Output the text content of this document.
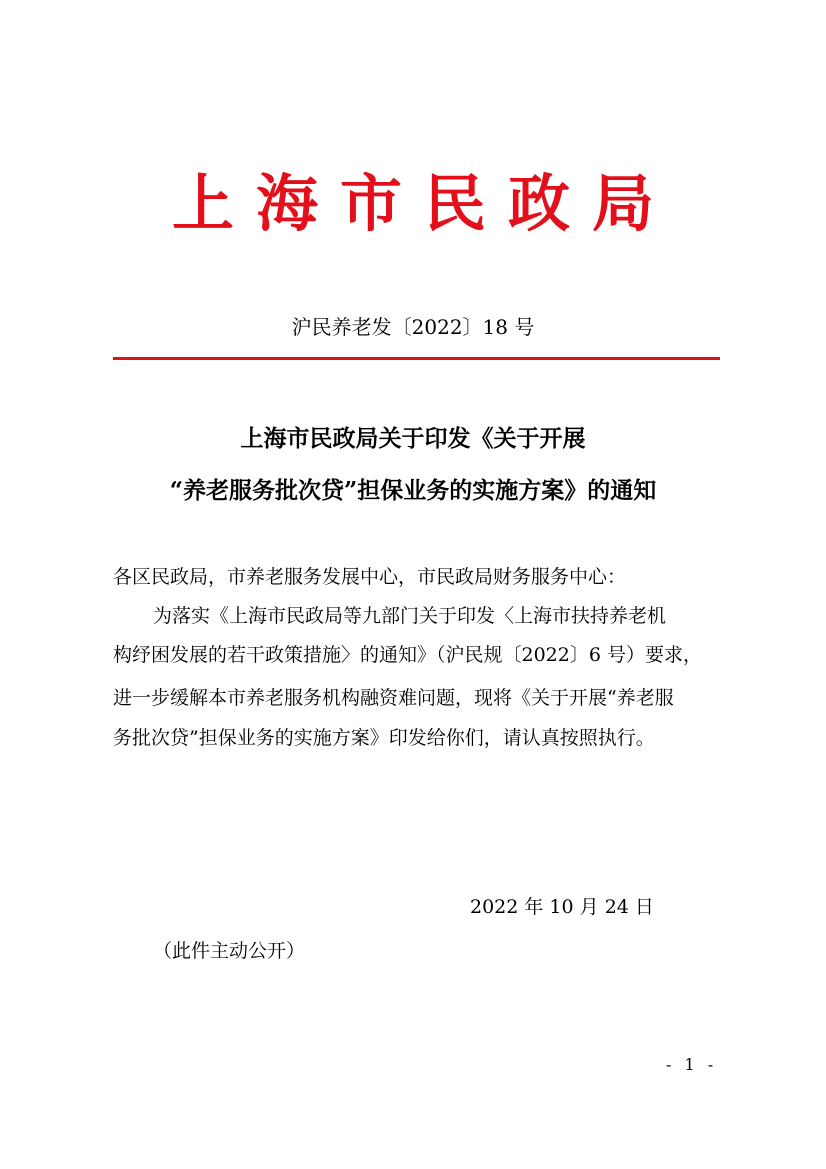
上海市民政局
沪民养老发〔2022〕18 号
上海市民政局关于印发《关于开展
“养老服务批次贷”担保业务的实施方案》的通知
各区民政局，市养老服务发展中心，市民政局财务服务中心：
为落实《上海市民政局等九部门关于印发〈上海市扶持养老机
构纾困发展的若干政策措施〉的通知》（沪民规〔2022〕6 号）要求，
进一步缓解本市养老服务机构融资难问题，现将《关于开展“养老服
务批次贷”担保业务的实施方案》印发给你们，请认真按照执行。
2022 年 10 月 24 日
（此件主动公开）
- 1 -
